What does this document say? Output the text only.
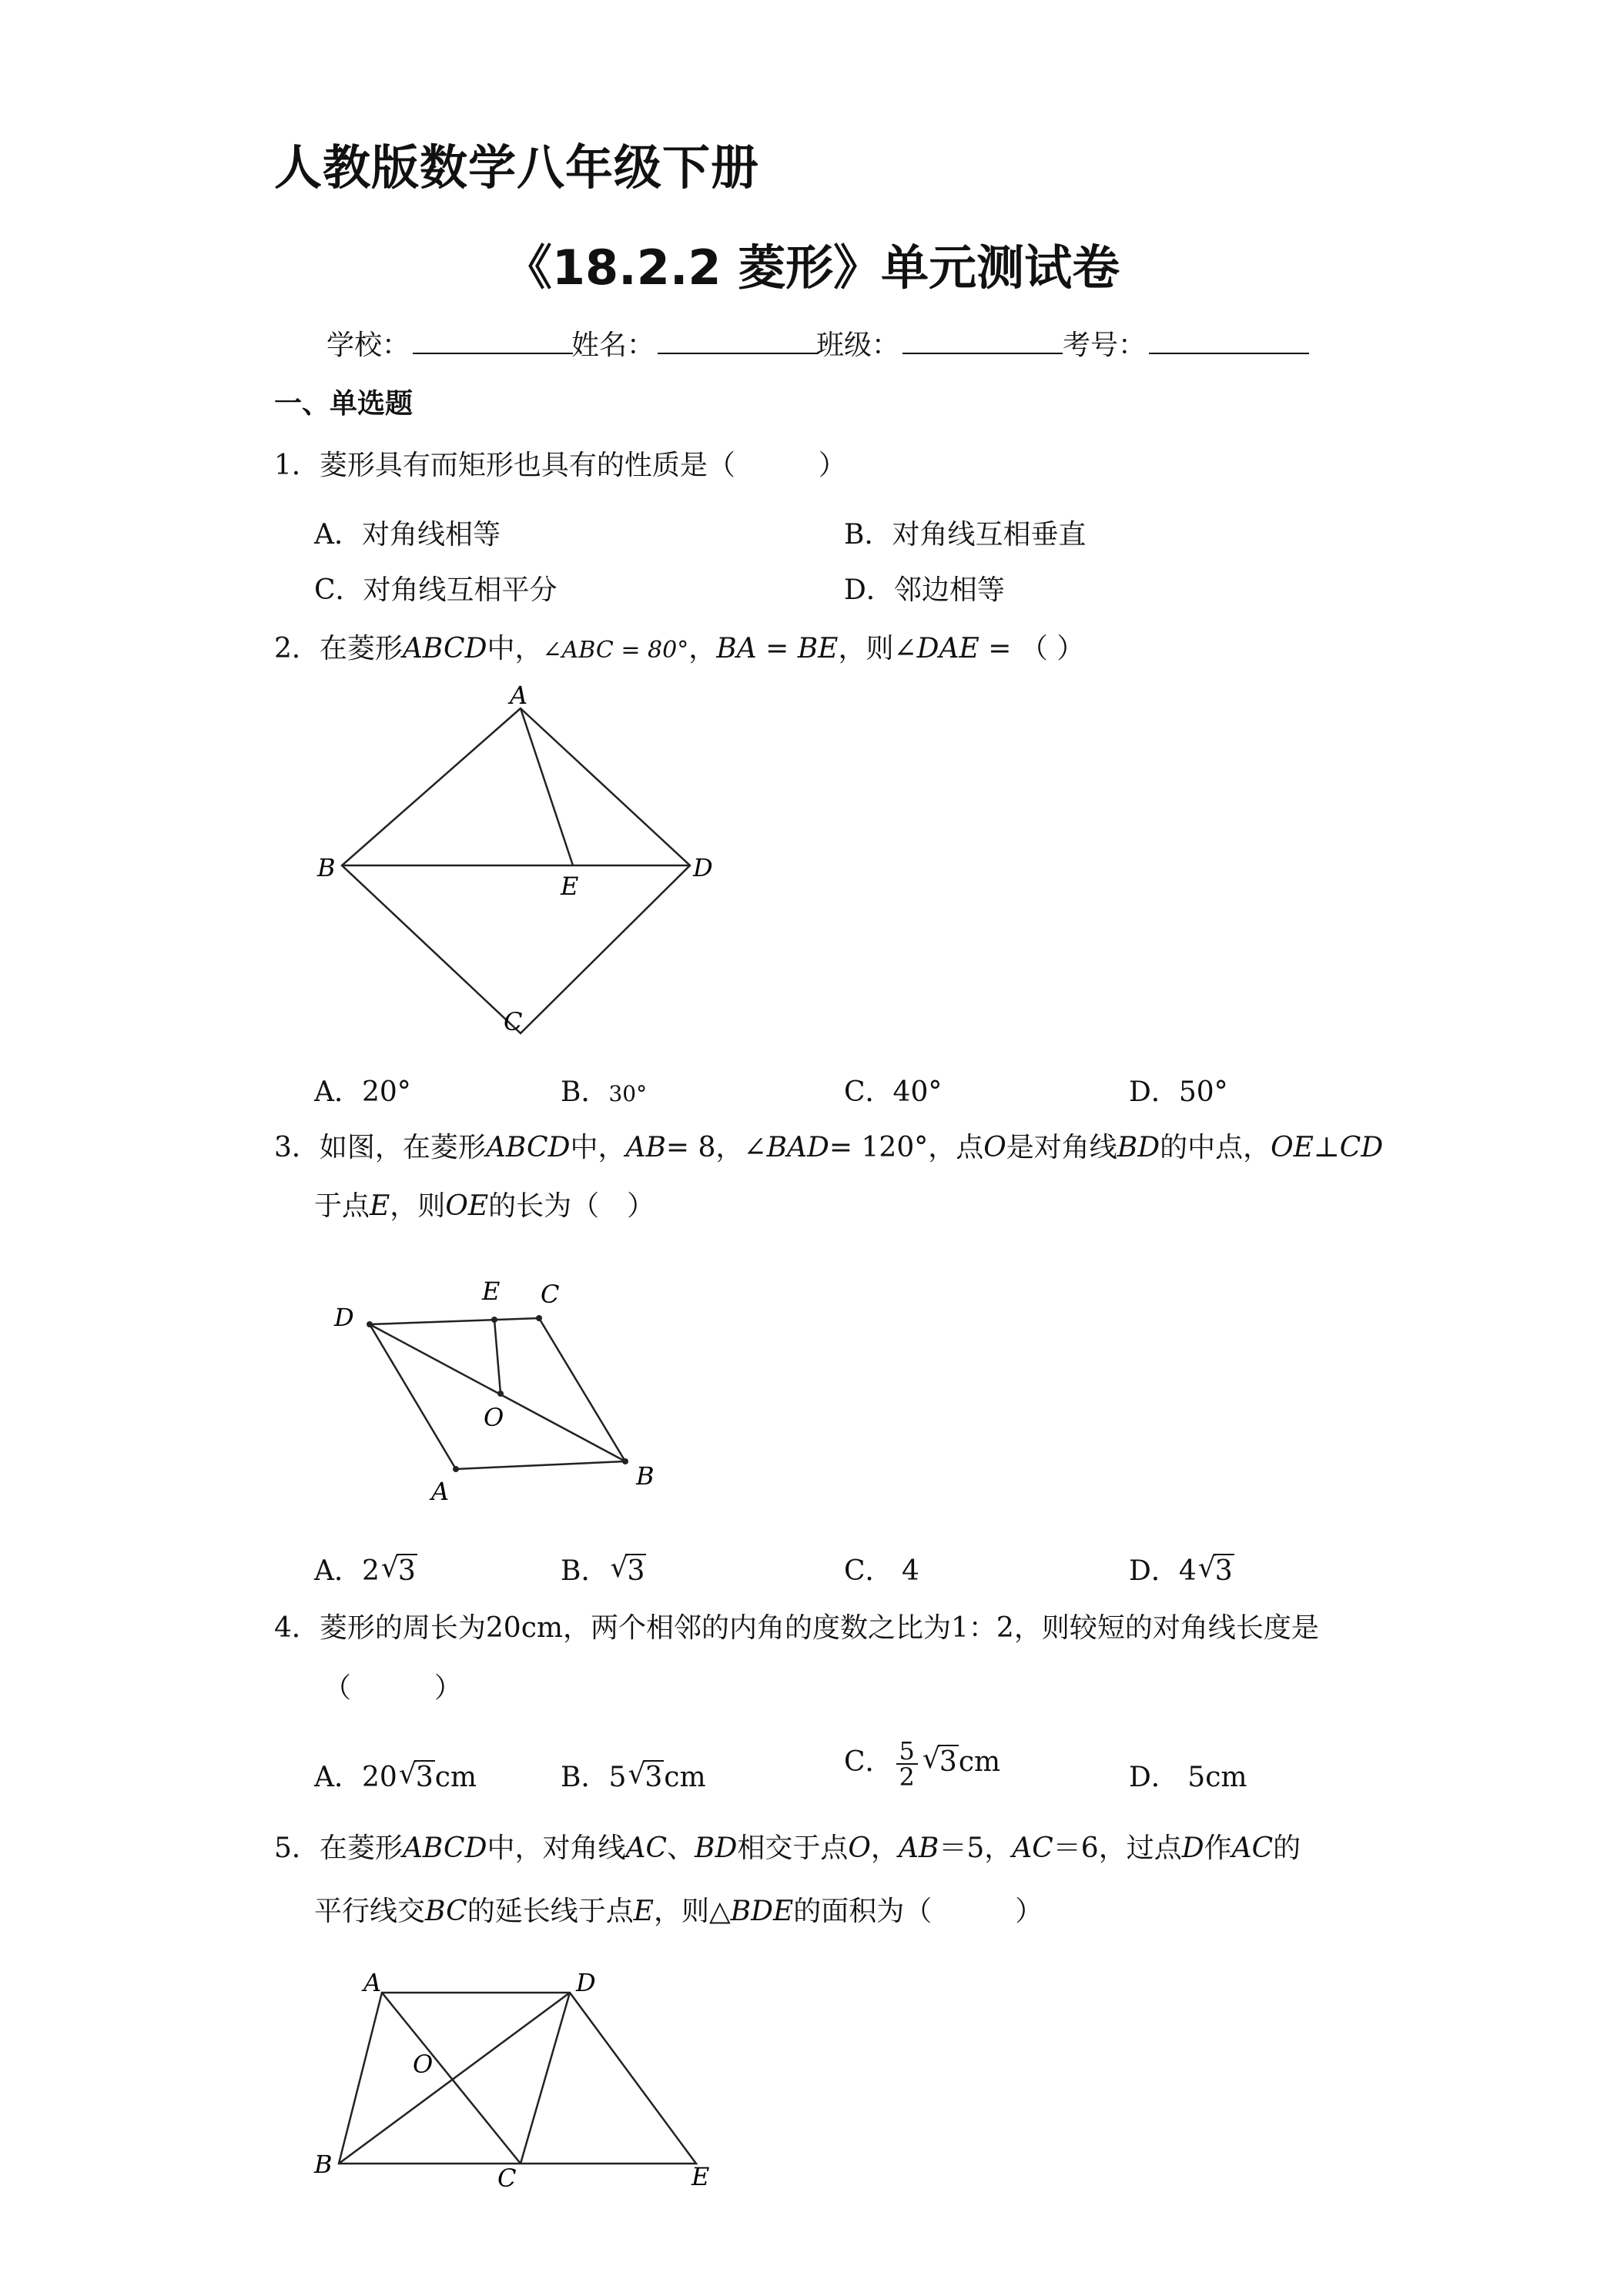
人教版数学八年级下册
《18.2.2 菱形》单元测试卷
学校：	姓名：	班级：	考号：
一、单选题
1．菱形具有而矩形也具有的性质是（　　　）
A．对角线相等	B．对角线互相垂直
C．对角线互相平分	D．邻边相等
2．在菱形ABCD中，∠ABC = 80°，BA = BE，则∠DAE = （ ）
A
B	D
E
C
A．20°	B．30°	C．40°	D．50°
3．如图，在菱形ABCD中，AB= 8，∠BAD= 120°，点O是对角线BD的中点，OE⊥CD
于点E，则OE的长为（　）
D
E C
O
B
A
A．2 √ 3	B． √ 3	C． 4	D．4 √ 3
4．菱形的周长为20cm，两个相邻的内角的度数之比为1：2，则较短的对角线长度是
（　　　）
A．20 √ 3cm	B．5 √ 3cm	C． $\frac{5}{2}$ √ 3cm	D． 5cm
5．在菱形ABCD中，对角线AC、BD相交于点O，AB＝5，AC＝6，过点D作AC的
平行线交BC的延长线于点E，则△BDE的面积为（　　　）
A	D
O
B	C	E
